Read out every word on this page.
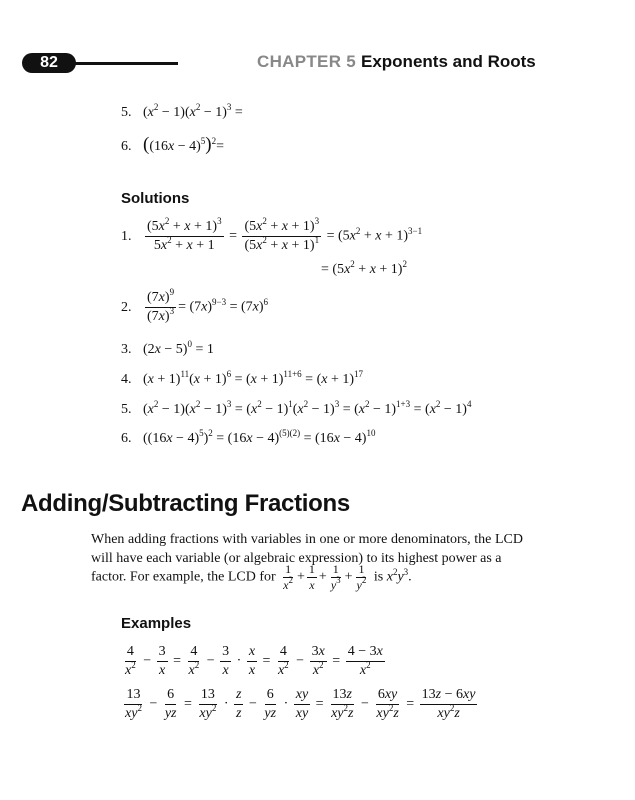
82	CHAPTER 5 Exponents and Roots
5. $(x^2 - 1)(x^2 - 1)^3$ =
6. $((16x - 4)^5)^2=$
Solutions
1. $\frac{(5x^2 + x + 1)^3}{5x^2 + x + 1} = \frac{(5x^2 + x + 1)^3}{(5x^2 + x + 1)^1} = (5x^2 + x + 1)^{3-1}$
= $(5x^2 + x + 1)^2$
2. $\frac{(7x)^9}{(7x)^3} = (7x)^{9-3} = (7x)^6$
3. $(2x - 5)^0 = 1$
4. $(x + 1)^{11}(x + 1)^6 = (x + 1)^{11+6} = (x + 1)^{17}$
5. $(x^2 - 1)(x^2 - 1)^3 = (x^2 - 1)^1(x^2 - 1)^3 = (x^2 - 1)^{1+3} = (x^2 - 1)^4$
6. $((16x - 4)^5)^2 = (16x - 4)^{(5)(2)} = (16x - 4)^{10}$
Adding/Subtracting Fractions
When adding fractions with variables in one or more denominators, the LCD will have each variable (or algebraic expression) to its highest power as a
factor. For example, the LCD for $\frac{1}{x^2} + \frac{1}{x} + \frac{1}{y^3} + \frac{1}{y^2}$ is $x^2y^3$.
Examples
$\frac{4}{x^2} - \frac{3}{x} = \frac{4}{x^2} - \frac{3}{x} \cdot \frac{x}{x} = \frac{4}{x^2} - \frac{3x}{x^2} = \frac{4 - 3x}{x^2}$
$\frac{13}{xy^2} - \frac{6}{yz} = \frac{13}{xy^2} \cdot \frac{z}{z} - \frac{6}{yz} \cdot \frac{xy}{xy} = \frac{13z}{xy^2z} - \frac{6xy}{xy^2z} = \frac{13z - 6xy}{xy^2z}$
